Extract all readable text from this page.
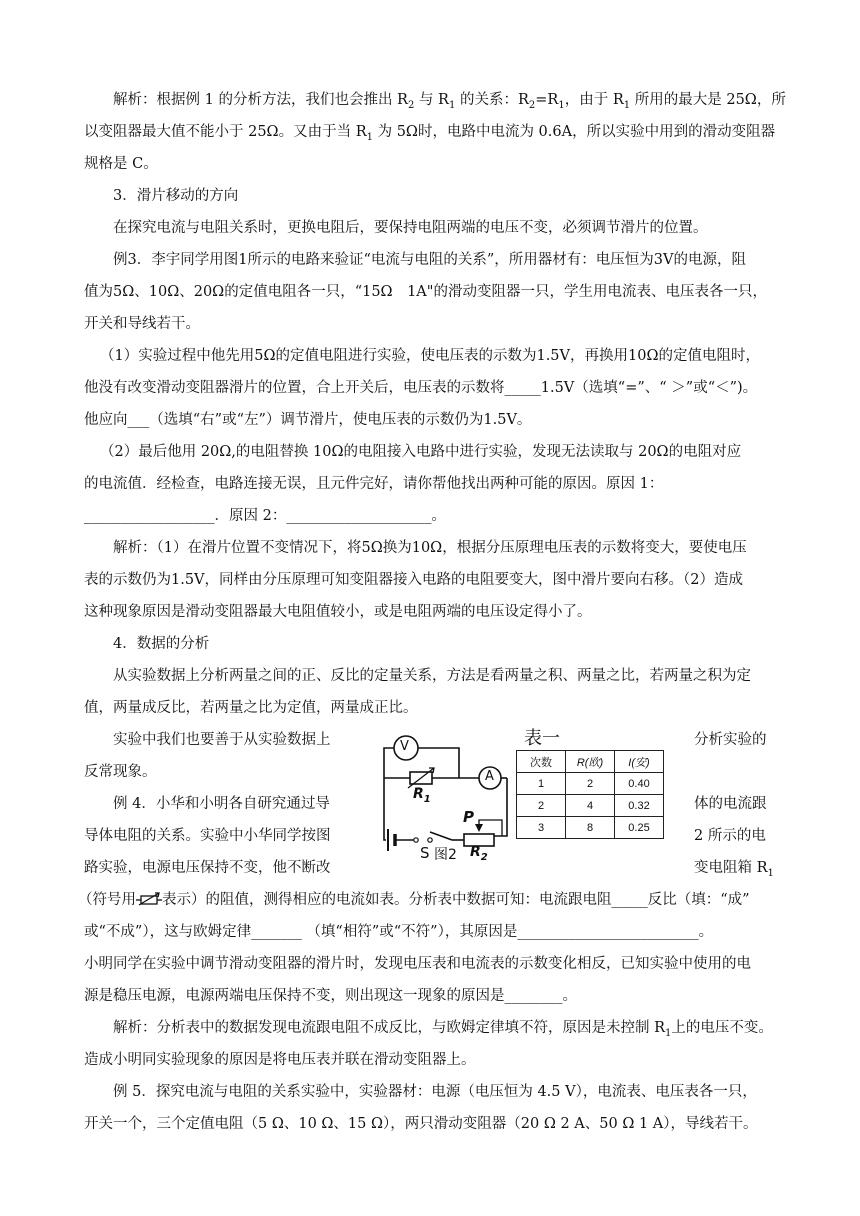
解析：根据例 1 的分析方法，我们也会推出 $R_2$ 与 $R_1$ 的关系：$R_2=R_1$，由于 $R_1$ 所用的最大是 25Ω，所
以变阻器最大值不能小于 25Ω。又由于当 $R_1$ 为 5Ω时，电路中电流为 0.6A，所以实验中用到的滑动变阻器
规格是 C。
3．滑片移动的方向
在探究电流与电阻关系时，更换电阻后，要保持电阻两端的电压不变，必须调节滑片的位置。
例3．李宇同学用图1所示的电路来验证“电流与电阻的关系”，所用器材有：电压恒为3V的电源，阻
值为5Ω、10Ω、20Ω的定值电阻各一只，“15Ω　1A"的滑动变阻器一只，学生用电流表、电压表各一只，
开关和导线若干。
（1）实验过程中他先用5Ω的定值电阻进行实验，使电压表的示数为1.5V，再换用10Ω的定值电阻时，
他没有改变滑动变阻器滑片的位置，合上开关后，电压表的示数将_____1.5V（选填“=”、“ ＞”或“＜”)。
他应向___（选填“右”或“左”）调节滑片，使电压表的示数仍为1.5V。
（2）最后他用 20Ω,的电阻替换 10Ω的电阻接入电路中进行实验，发现无法读取与 20Ω的电阻对应
的电流值．经检查，电路连接无误，且元件完好，请你帮他找出两种可能的原因。原因 1：
__________________．原因 2：____________________。
解析：（1）在滑片位置不变情况下，将5Ω换为10Ω，根据分压原理电压表的示数将变大，要使电压
表的示数仍为1.5V，同样由分压原理可知变阻器接入电路的电阻要变大，图中滑片要向右移。（2）造成
这种现象原因是滑动变阻器最大电阻值较小，或是电阻两端的电压设定得小了。
4．数据的分析
从实验数据上分析两量之间的正、反比的定量关系，方法是看两量之积、两量之比，若两量之积为定
值，两量成反比，若两量之比为定值，两量成正比。
实验中我们也要善于从实验数据上	分析实验的
反常现象。
例 4．小华和小明各自研究通过导	体的电流跟
导体电阻的关系。实验中小华同学按图	2 所示的电
路实验，电源电压保持不变，他不断改	变电阻箱 $R_1$
（符号用 表示）的阻值，测得相应的电流如表。分析表中数据可知：电流跟电阻_____反比（填：“成”
或“不成”），这与欧姆定律_______ （填“相符”或“不符”），其原因是_________________________。
小明同学在实验中调节滑动变阻器的滑片时，发现电压表和电流表的示数变化相反，已知实验中使用的电
源是稳压电源，电源两端电压保持不变，则出现这一现象的原因是________。
解析：分析表中的数据发现电流跟电阻不成反比，与欧姆定律填不符，原因是未控制 $R_1$上的电压不变。
造成小明同实验现象的原因是将电压表并联在滑动变阻器上。
例 5．探究电流与电阻的关系实验中，实验器材：电源（电压恒为 4.5 V），电流表、电压表各一只，
开关一个，三个定值电阻（5 Ω、10 Ω、15 Ω），两只滑动变阻器（20 Ω 2 A、50 Ω 1 A），导线若干。
V
A
$R_1$
P
$R_2$
S 图2
表一
次数	R(欧)	I(安)
1	2	0.40
2	4	0.32
3	8	0.25
